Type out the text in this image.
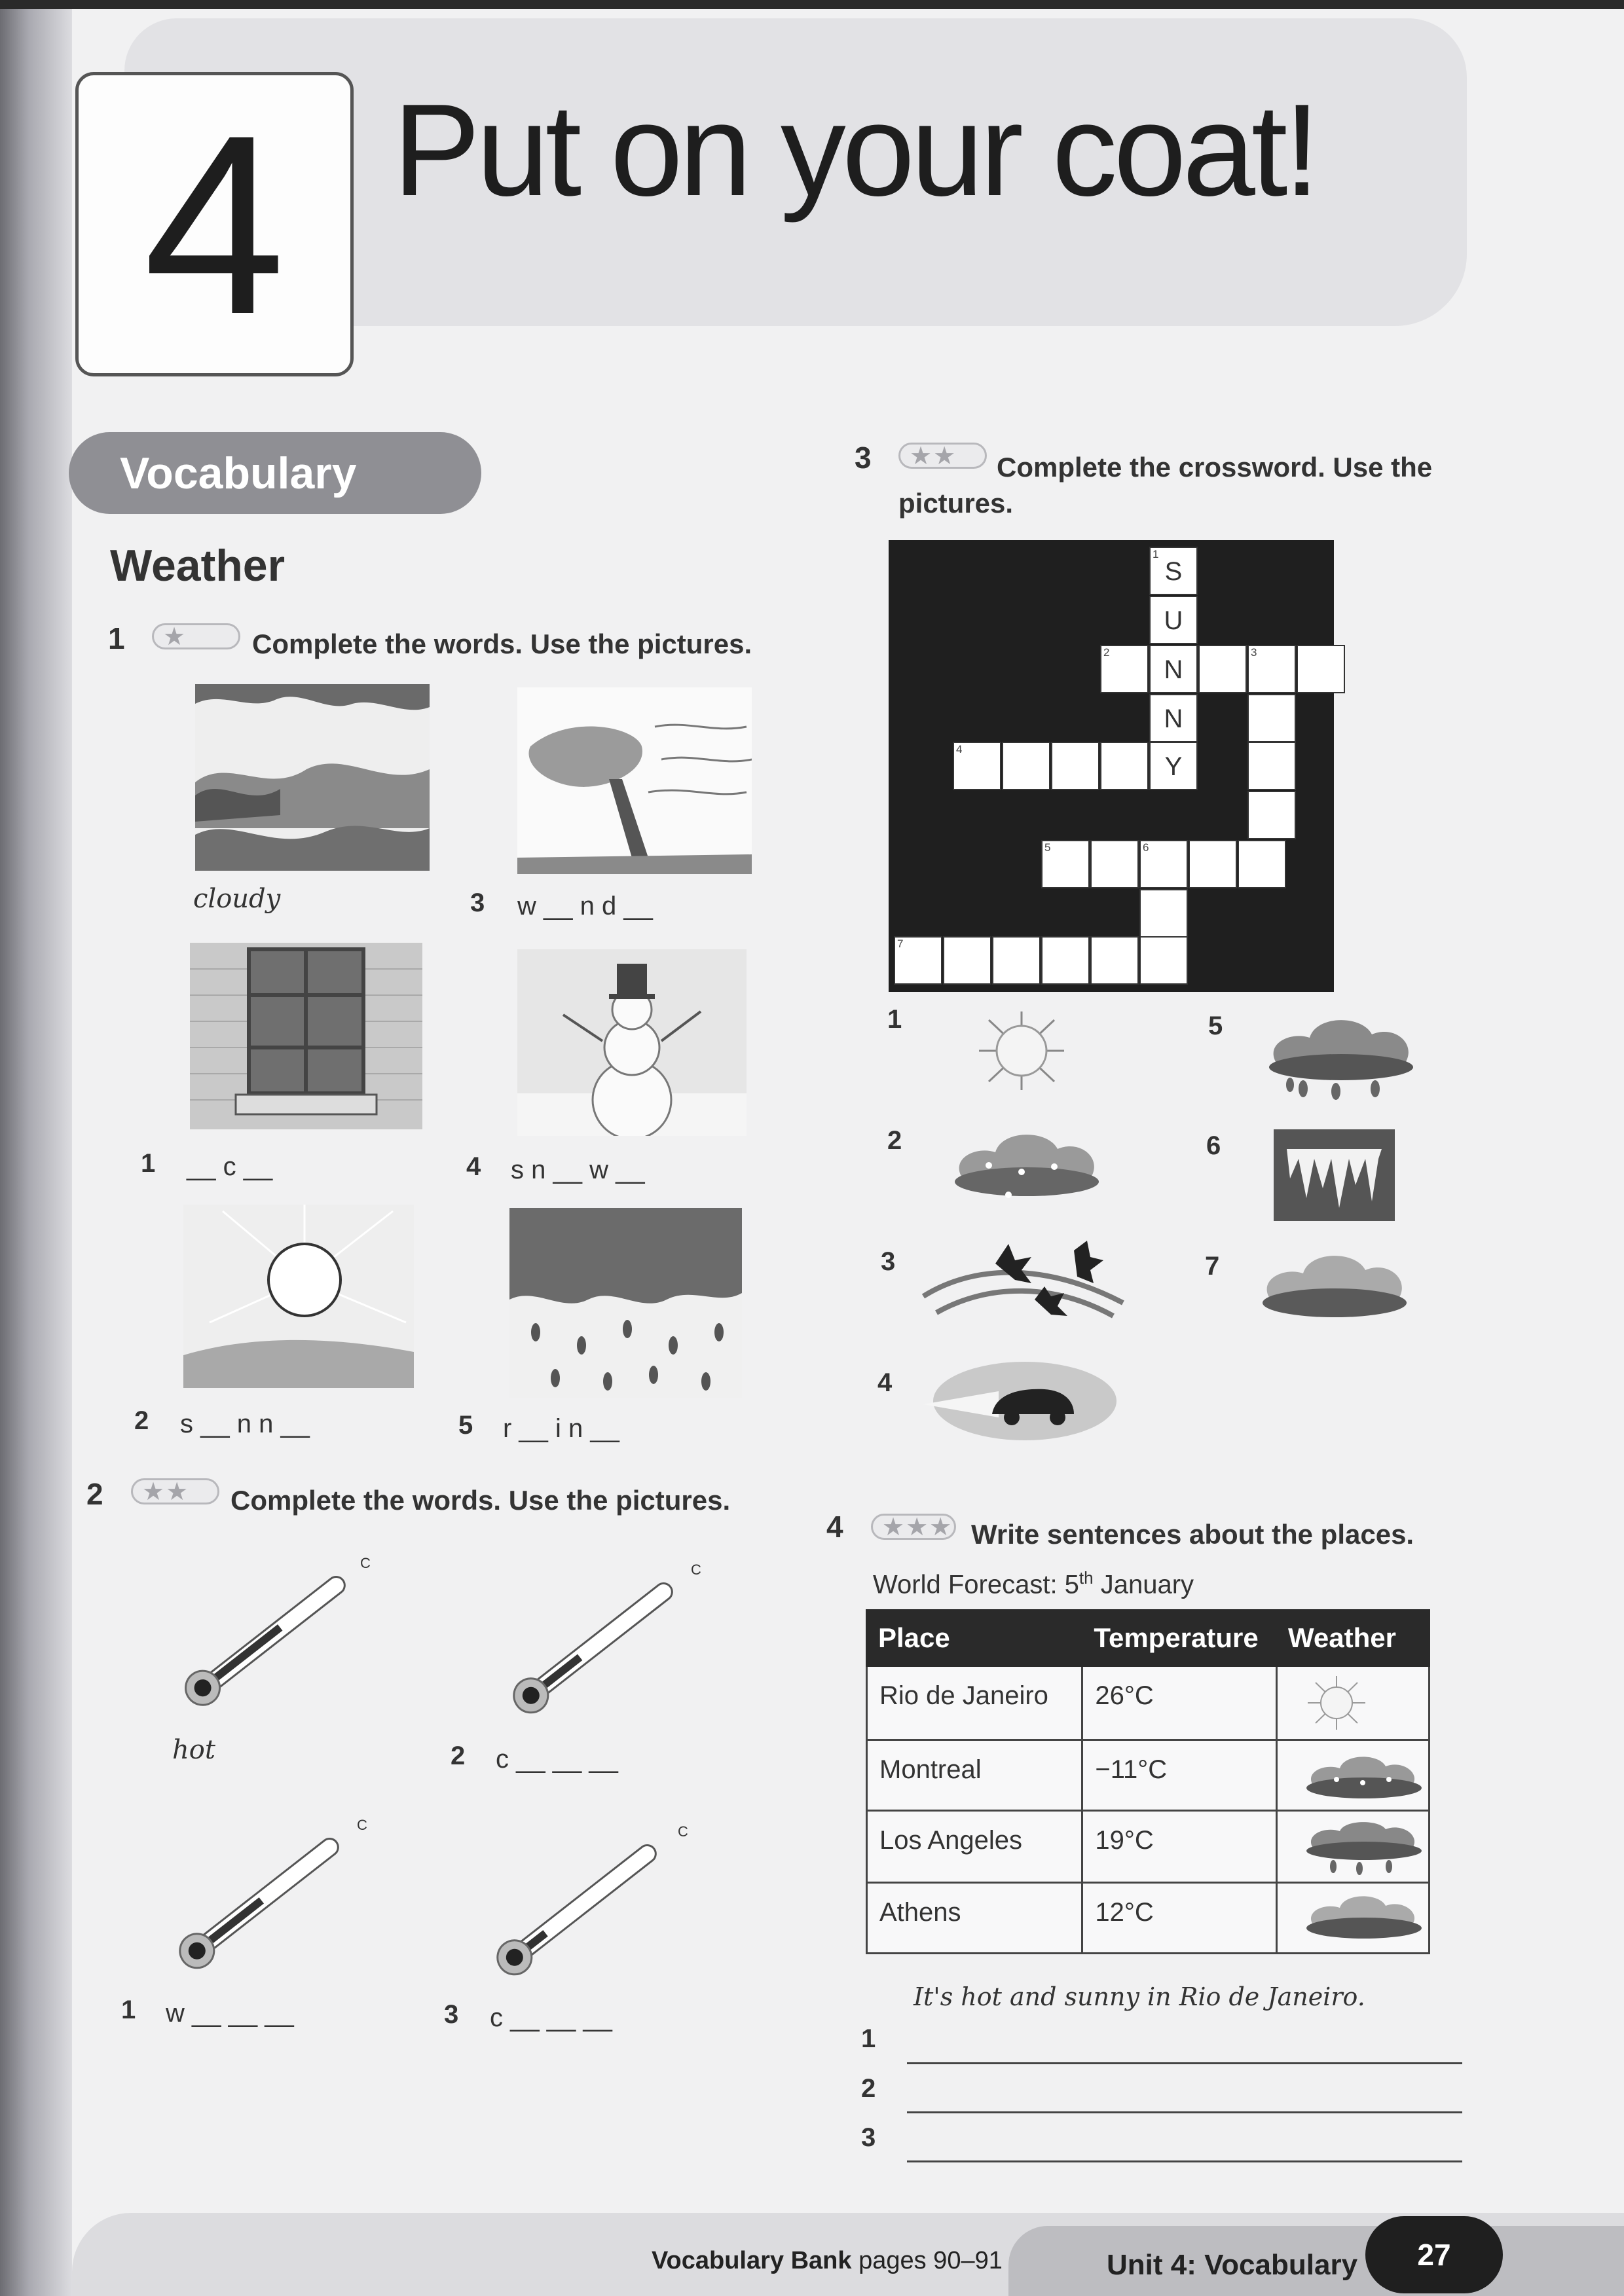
4 Put on your coat!
Vocabulary
Weather
1	★	Complete the words. Use the pictures.
cloudy	3 w __ n d __
1 __ c __	4 s n __ w __
2 s __ n n __	5 r __ i n __
2	★★	Complete the words. Use the pictures.
C
hot
C
2 c __ __ __
C
1 w __ __ __
C
3 c __ __ __
3	★★	Complete the crossword. Use the
pictures.
1
S
U
2
N
3
N
4
Y
5	6
7
1
2
3
4
5
6
7
4	★★★ Write sentences about the places.
World Forecast: 5th January
Place	Temperature	Weather
Rio de Janeiro	26°C	
Montreal	−11°C	
Los Angeles	19°C	
Athens	12°C	
It's hot and sunny in Rio de Janeiro.
1
2
3
Vocabulary Bank pages 90–91	Unit 4: Vocabulary 27
